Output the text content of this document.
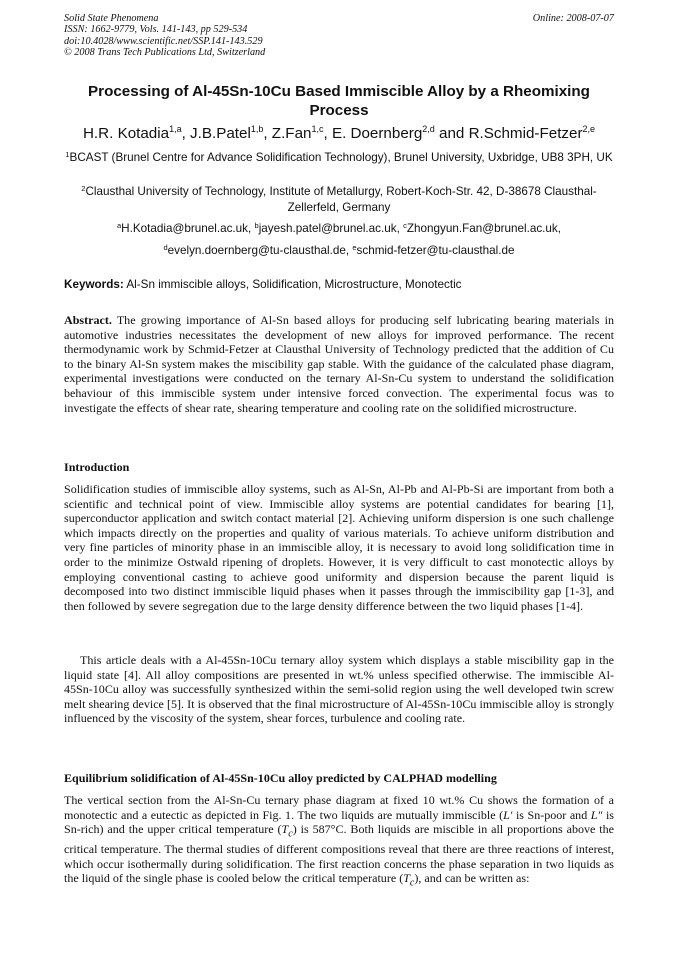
Solid State Phenomena
ISSN: 1662-9779, Vols. 141-143, pp 529-534
doi:10.4028/www.scientific.net/SSP.141-143.529
© 2008 Trans Tech Publications Ltd, Switzerland
Online: 2008-07-07
Processing of Al-45Sn-10Cu Based Immiscible Alloy by a Rheomixing Process
H.R. Kotadia$^{1,a}$, J.B.Patel$^{1,b}$, Z.Fan$^{1,c}$, E. Doernberg$^{2,d}$ and R.Schmid-Fetzer$^{2,e}$
$^1$BCAST (Brunel Centre for Advance Solidification Technology), Brunel University, Uxbridge, UB8 3PH, UK
$^2$Clausthal University of Technology, Institute of Metallurgy, Robert-Koch-Str. 42, D-38678 Clausthal-Zellerfeld, Germany
$^a$H.Kotadia@brunel.ac.uk, $^b$jayesh.patel@brunel.ac.uk, $^c$Zhongyun.Fan@brunel.ac.uk,
$^d$evelyn.doernberg@tu-clausthal.de, $^e$schmid-fetzer@tu-clausthal.de
Keywords: Al-Sn immiscible alloys, Solidification, Microstructure, Monotectic

Abstract. The growing importance of Al-Sn based alloys for producing self lubricating bearing materials in automotive industries necessitates the development of new alloys for improved performance. The recent thermodynamic work by Schmid-Fetzer at Clausthal University of Technology predicted that the addition of Cu to the binary Al-Sn system makes the miscibility gap stable. With the guidance of the calculated phase diagram, experimental investigations were conducted on the ternary Al-Sn-Cu system to understand the solidification behaviour of this immiscible system under intensive forced convection. The experimental focus was to investigate the effects of shear rate, shearing temperature and cooling rate on the solidified microstructure.

Introduction

Solidification studies of immiscible alloy systems, such as Al-Sn, Al-Pb and Al-Pb-Si are important from both a scientific and technical point of view. Immiscible alloy systems are potential candidates for bearing [1], superconductor application and switch contact material [2]. Achieving uniform dispersion is one such challenge which impacts directly on the properties and quality of various materials. To achieve uniform distribution and very fine particles of minority phase in an immiscible alloy, it is necessary to avoid long solidification time in order to the minimize Ostwald ripening of droplets. However, it is very difficult to cast monotectic alloys by employing conventional casting to achieve good uniformity and dispersion because the parent liquid is decomposed into two distinct immiscible liquid phases when it passes through the immiscibility gap [1-3], and then followed by severe segregation due to the large density difference between the two liquid phases [1-4].

This article deals with a Al-45Sn-10Cu ternary alloy system which displays a stable miscibility gap in the liquid state [4]. All alloy compositions are presented in wt.% unless specified otherwise. The immiscible Al-45Sn-10Cu alloy was successfully synthesized within the semi-solid region using the well developed twin screw melt shearing device [5]. It is observed that the final microstructure of Al-45Sn-10Cu immiscible alloy is strongly influenced by the viscosity of the system, shear forces, turbulence and cooling rate.

Equilibrium solidification of Al-45Sn-10Cu alloy predicted by CALPHAD modelling

The vertical section from the Al-Sn-Cu ternary phase diagram at fixed 10 wt.% Cu shows the formation of a monotectic and a eutectic as depicted in Fig. 1. The two liquids are mutually immiscible (L′ is Sn-poor and L″ is Sn-rich) and the upper critical temperature $(T_c)$ is 587°C. Both liquids are miscible in all proportions above the critical temperature. The thermal studies of different compositions reveal that there are three reactions of interest, which occur isothermally during solidification. The first reaction concerns the phase separation in two liquids as the liquid of the single phase is cooled below the critical temperature $(T_c)$, and can be written as:
